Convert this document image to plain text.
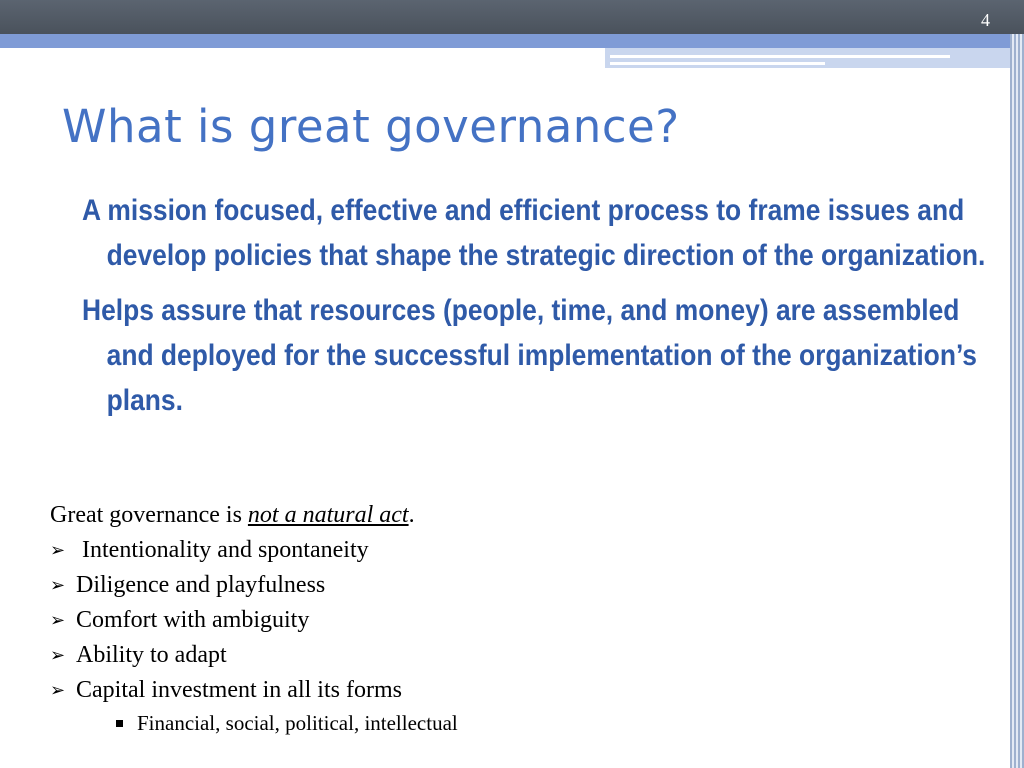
4
What is great governance?

A mission focused, effective and efficient process to frame issues and develop policies that shape the strategic direction of the organization.

Helps assure that resources (people, time, and money) are assembled and deployed for the successful implementation of the organization’s plans.

Great governance is not a natural act.

➢ Intentionality and spontaneity
➢ Diligence and playfulness
➢ Comfort with ambiguity
➢ Ability to adapt
➢ Capital investment in all its forms
Financial, social, political, intellectual
